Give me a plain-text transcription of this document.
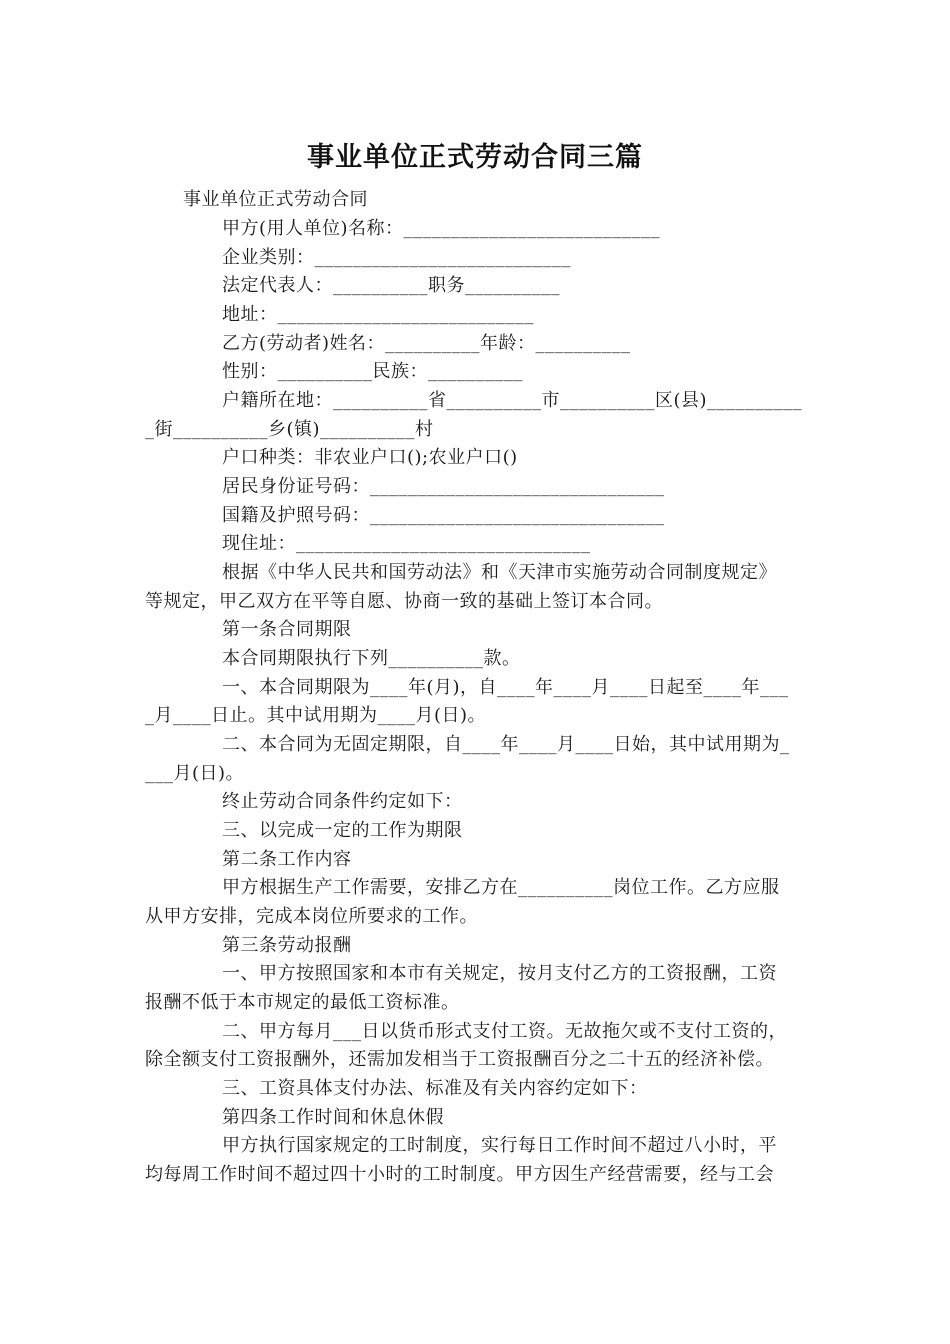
事业单位正式劳动合同三篇
事业单位正式劳动合同
甲方(用人单位)名称：___________________________
企业类别：___________________________
法定代表人：__________职务__________
地址：___________________________
乙方(劳动者)姓名：__________年龄：__________
性别：__________民族：__________
户籍所在地：__________省__________市__________区(县)__________
_街__________乡(镇)__________村
户口种类：非农业户口();农业户口()
居民身份证号码：_______________________________
国籍及护照号码：_______________________________
现住址：_______________________________
根据《中华人民共和国劳动法》和《天津市实施劳动合同制度规定》
等规定，甲乙双方在平等自愿、协商一致的基础上签订本合同。
第一条合同期限
本合同期限执行下列__________款。
一、本合同期限为____年(月)，自____年____月____日起至____年___
_月____日止。其中试用期为____月(日)。
二、本合同为无固定期限，自____年____月____日始，其中试用期为_
___月(日)。
终止劳动合同条件约定如下：
三、以完成一定的工作为期限
第二条工作内容
甲方根据生产工作需要，安排乙方在__________岗位工作。乙方应服
从甲方安排，完成本岗位所要求的工作。
第三条劳动报酬
一、甲方按照国家和本市有关规定，按月支付乙方的工资报酬，工资
报酬不低于本市规定的最低工资标准。
二、甲方每月___日以货币形式支付工资。无故拖欠或不支付工资的，
除全额支付工资报酬外，还需加发相当于工资报酬百分之二十五的经济补偿。
三、工资具体支付办法、标准及有关内容约定如下：
第四条工作时间和休息休假
甲方执行国家规定的工时制度，实行每日工作时间不超过八小时，平
均每周工作时间不超过四十小时的工时制度。甲方因生产经营需要，经与工会
